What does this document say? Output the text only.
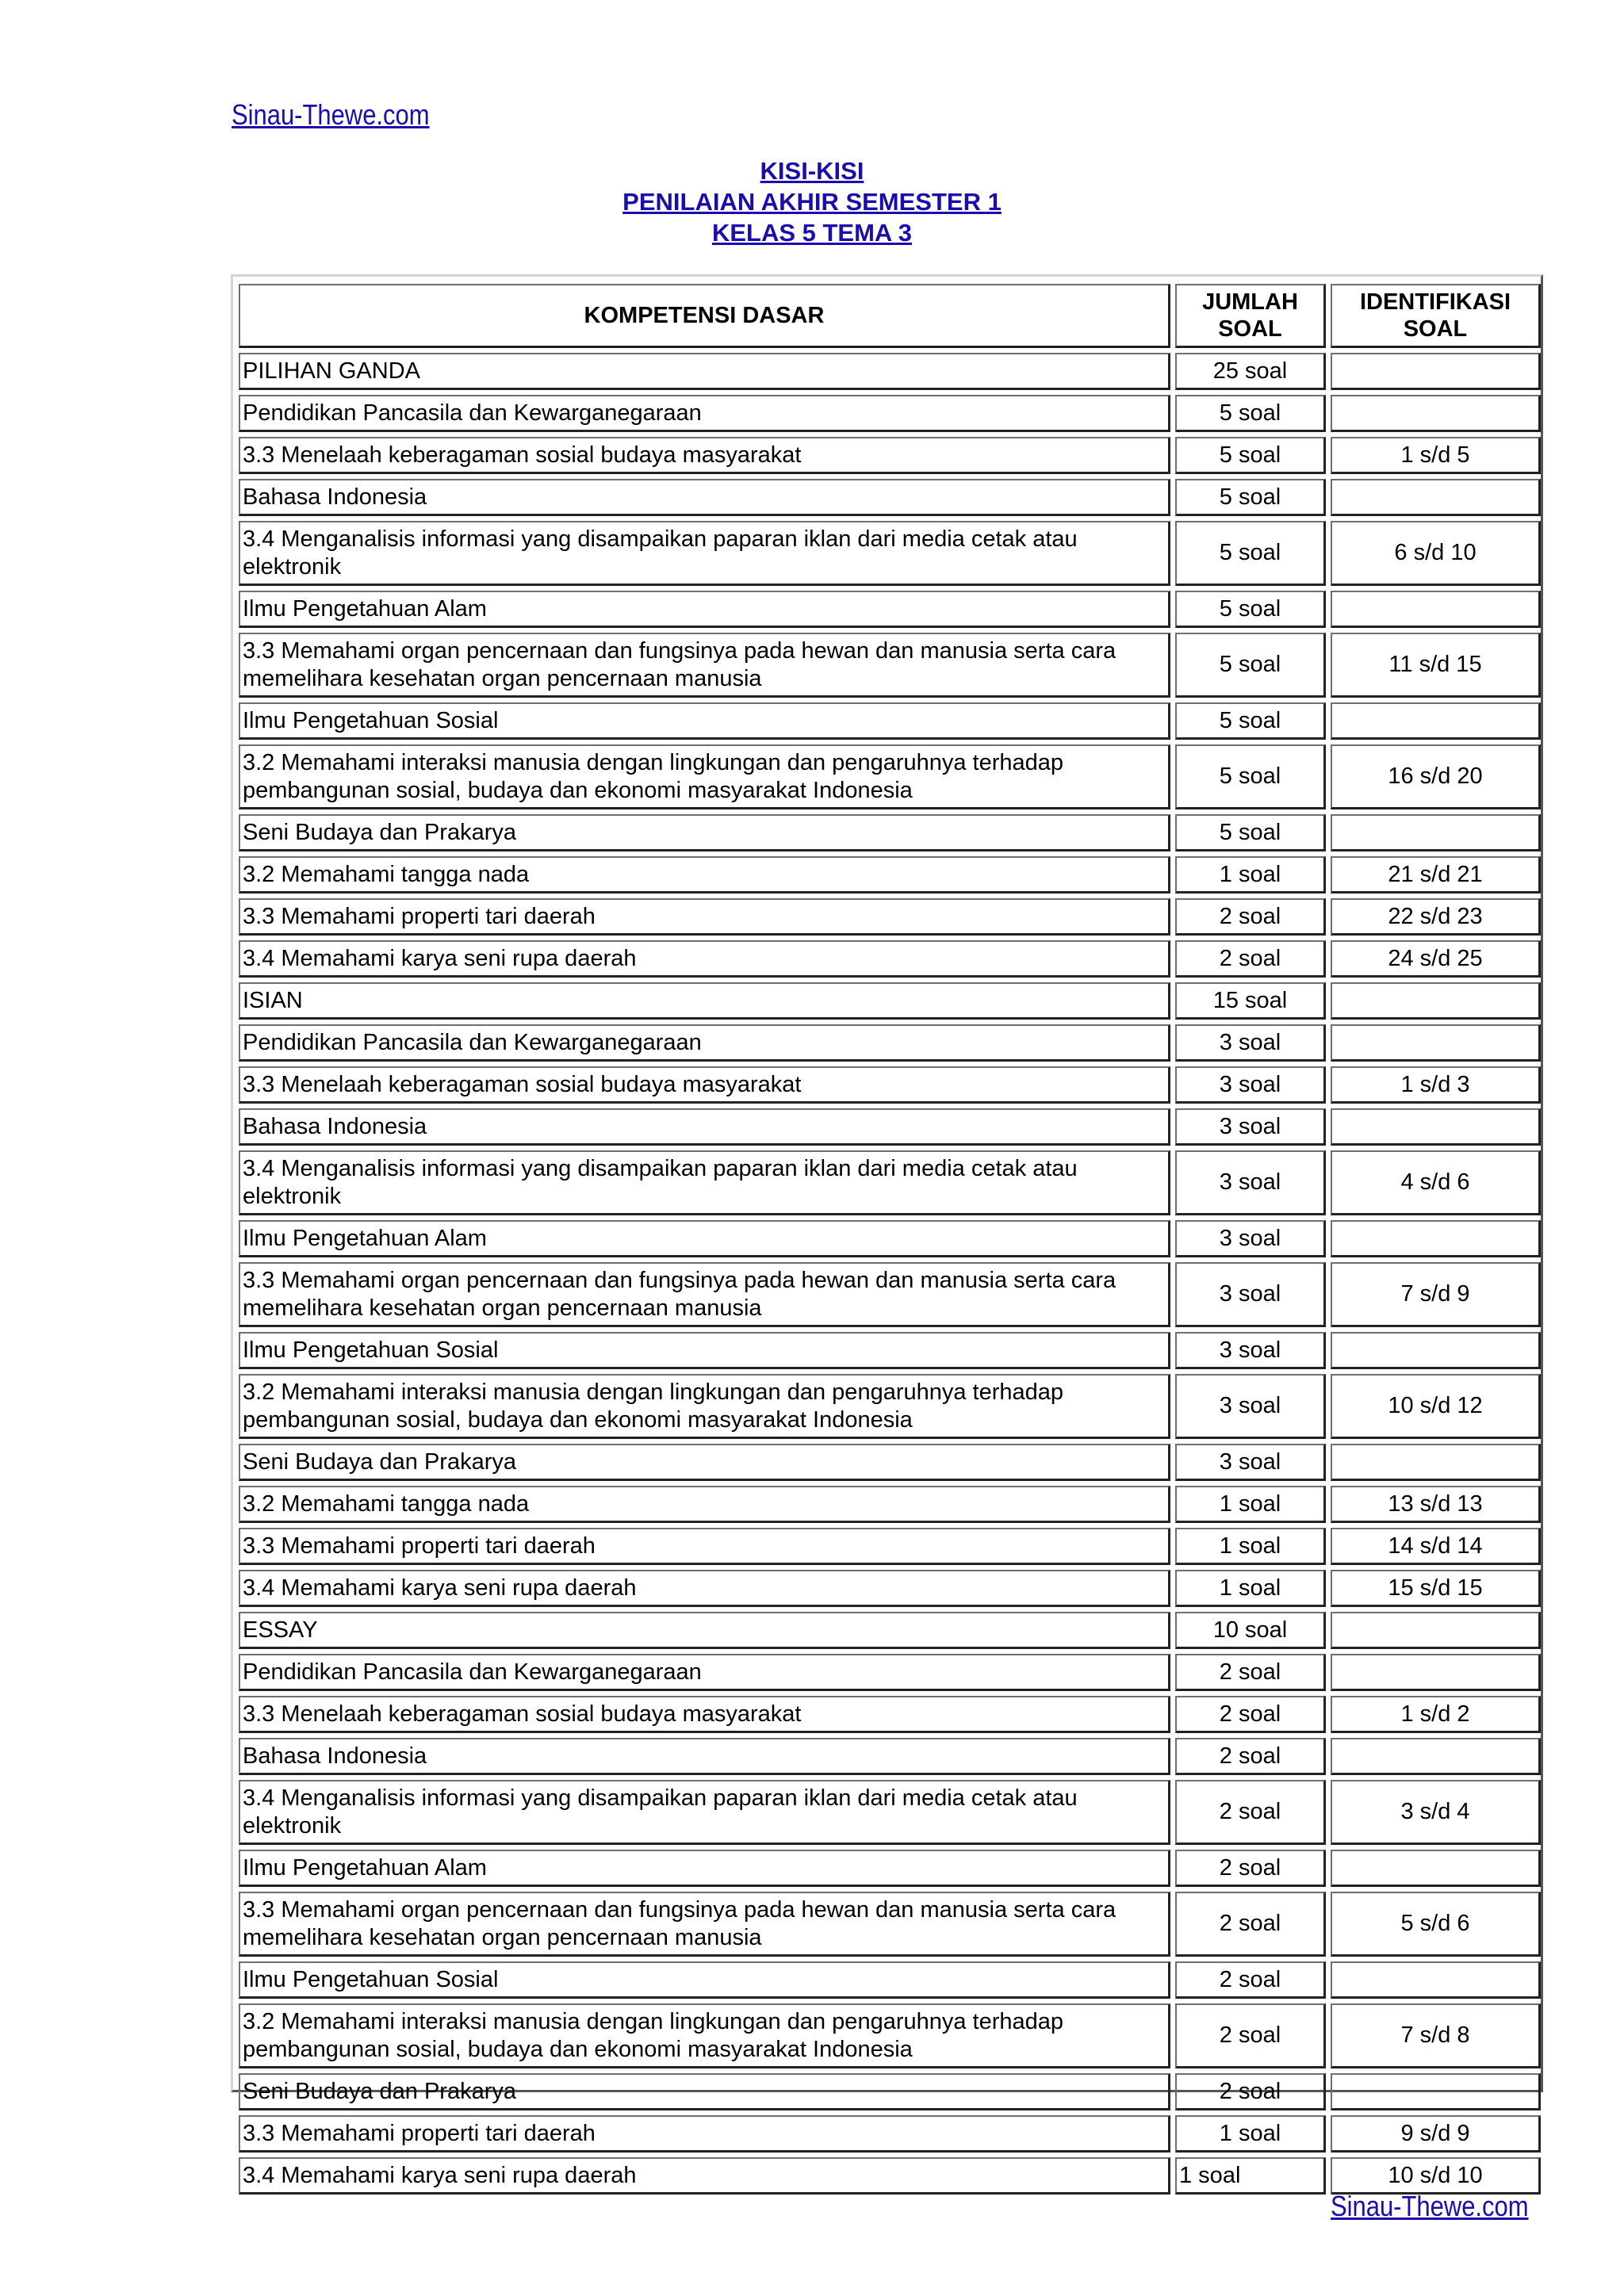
Sinau-Thewe.com
KISI-KISI
PENILAIAN AKHIR SEMESTER 1
KELAS 5 TEMA 3
KOMPETENSI DASAR	JUMLAH SOAL	IDENTIFIKASI SOAL
PILIHAN GANDA	25 soal	
Pendidikan Pancasila dan Kewarganegaraan	5 soal	
3.3 Menelaah keberagaman sosial budaya masyarakat	5 soal	1 s/d 5
Bahasa Indonesia	5 soal	
3.4 Menganalisis informasi yang disampaikan paparan iklan dari media cetak atau elektronik	5 soal	6 s/d 10
Ilmu Pengetahuan Alam	5 soal	
3.3 Memahami organ pencernaan dan fungsinya pada hewan dan manusia serta cara memelihara kesehatan organ pencernaan manusia	5 soal	11 s/d 15
Ilmu Pengetahuan Sosial	5 soal	
3.2 Memahami interaksi manusia dengan lingkungan dan pengaruhnya terhadap pembangunan sosial, budaya dan ekonomi masyarakat Indonesia	5 soal	16 s/d 20
Seni Budaya dan Prakarya	5 soal	
3.2 Memahami tangga nada	1 soal	21 s/d 21
3.3 Memahami properti tari daerah	2 soal	22 s/d 23
3.4 Memahami karya seni rupa daerah	2 soal	24 s/d 25
ISIAN	15 soal	
Pendidikan Pancasila dan Kewarganegaraan	3 soal	
3.3 Menelaah keberagaman sosial budaya masyarakat	3 soal	1 s/d 3
Bahasa Indonesia	3 soal	
3.4 Menganalisis informasi yang disampaikan paparan iklan dari media cetak atau elektronik	3 soal	4 s/d 6
Ilmu Pengetahuan Alam	3 soal	
3.3 Memahami organ pencernaan dan fungsinya pada hewan dan manusia serta cara memelihara kesehatan organ pencernaan manusia	3 soal	7 s/d 9
Ilmu Pengetahuan Sosial	3 soal	
3.2 Memahami interaksi manusia dengan lingkungan dan pengaruhnya terhadap pembangunan sosial, budaya dan ekonomi masyarakat Indonesia	3 soal	10 s/d 12
Seni Budaya dan Prakarya	3 soal	
3.2 Memahami tangga nada	1 soal	13 s/d 13
3.3 Memahami properti tari daerah	1 soal	14 s/d 14
3.4 Memahami karya seni rupa daerah	1 soal	15 s/d 15
ESSAY	10 soal	
Pendidikan Pancasila dan Kewarganegaraan	2 soal	
3.3 Menelaah keberagaman sosial budaya masyarakat	2 soal	1 s/d 2
Bahasa Indonesia	2 soal	
3.4 Menganalisis informasi yang disampaikan paparan iklan dari media cetak atau elektronik	2 soal	3 s/d 4
Ilmu Pengetahuan Alam	2 soal	
3.3 Memahami organ pencernaan dan fungsinya pada hewan dan manusia serta cara memelihara kesehatan organ pencernaan manusia	2 soal	5 s/d 6
Ilmu Pengetahuan Sosial	2 soal	
3.2 Memahami interaksi manusia dengan lingkungan dan pengaruhnya terhadap pembangunan sosial, budaya dan ekonomi masyarakat Indonesia	2 soal	7 s/d 8
Seni Budaya dan Prakarya	2 soal	
3.3 Memahami properti tari daerah	1 soal	9 s/d 9
3.4 Memahami karya seni rupa daerah	1 soal	10 s/d 10
Sinau-Thewe.com
